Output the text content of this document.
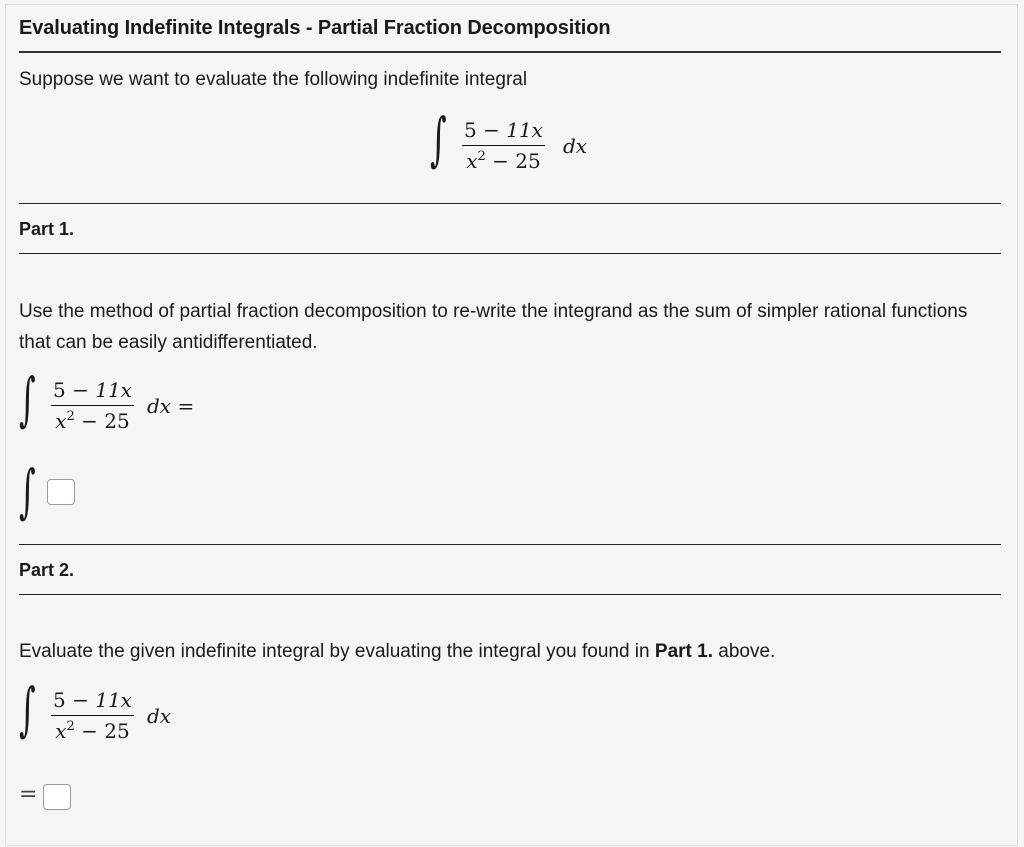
Evaluating Indefinite Integrals - Partial Fraction Decomposition
Suppose we want to evaluate the following indefinite integral
∫ $\frac{5 - 11x}{x^2 - 25}$ dx
Part 1.
Use the method of partial fraction decomposition to re-write the integrand as the sum of simpler rational functions that can be easily antidifferentiated.
∫ $\frac{5 - 11x}{x^2 - 25}$ dx =
∫
Part 2.
Evaluate the given indefinite integral by evaluating the integral you found in Part 1. above.
∫ $\frac{5 - 11x}{x^2 - 25}$ dx
=
